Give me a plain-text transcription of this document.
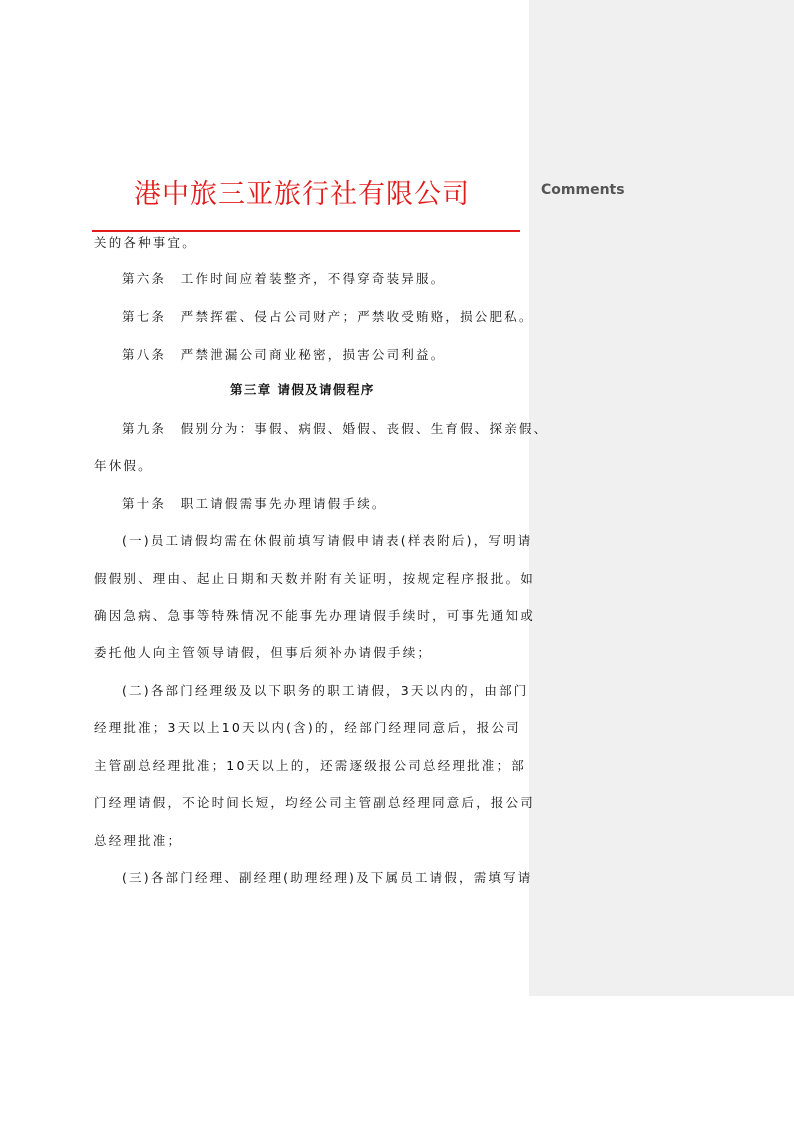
Comments
港中旅三亚旅行社有限公司
关的各种事宜。
第六条　工作时间应着装整齐，不得穿奇装异服。
第七条　严禁挥霍、侵占公司财产；严禁收受贿赂，损公肥私。
第八条　严禁泄漏公司商业秘密，损害公司利益。
第三章 请假及请假程序
第九条　假别分为：事假、病假、婚假、丧假、生育假、探亲假、
年休假。
第十条　职工请假需事先办理请假手续。
(一)员工请假均需在休假前填写请假申请表(样表附后)，写明请
假假别、理由、起止日期和天数并附有关证明，按规定程序报批。如
确因急病、急事等特殊情况不能事先办理请假手续时，可事先通知或
委托他人向主管领导请假，但事后须补办请假手续；
(二)各部门经理级及以下职务的职工请假，3天以内的，由部门
经理批准；3天以上10天以内(含)的，经部门经理同意后，报公司
主管副总经理批准；10天以上的，还需逐级报公司总经理批准；部
门经理请假，不论时间长短，均经公司主管副总经理同意后，报公司
总经理批准；
(三)各部门经理、副经理(助理经理)及下属员工请假，需填写请
